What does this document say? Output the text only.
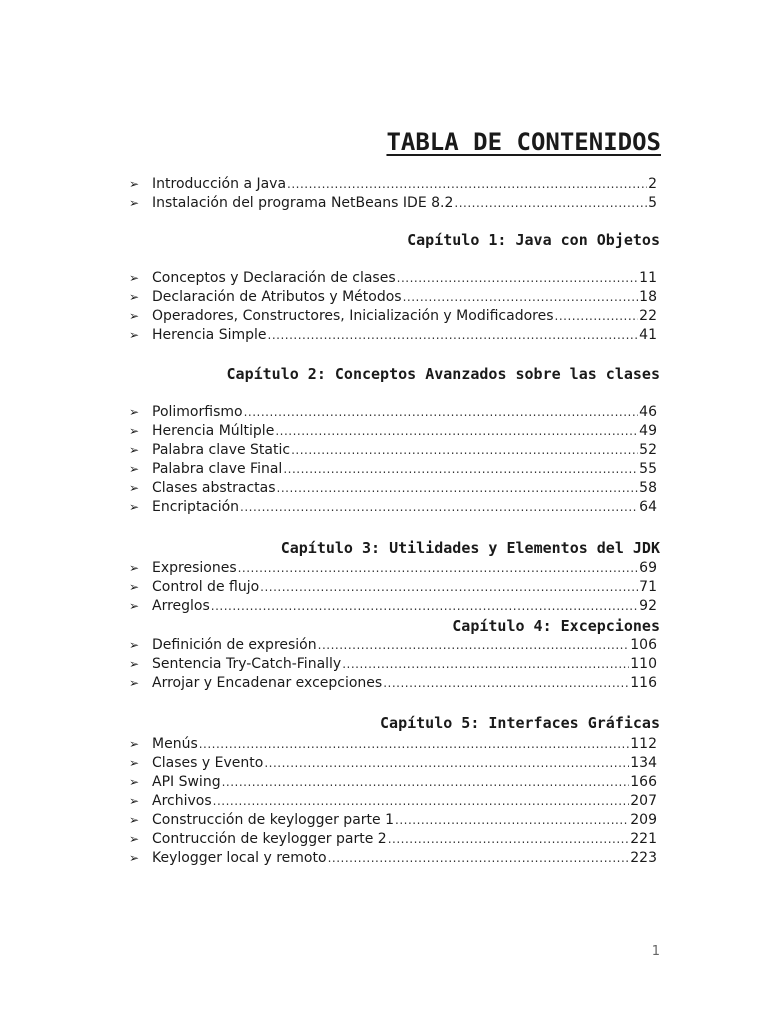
TABLA DE CONTENIDOS
➢ Introducción a Java .....	2
➢ Instalación del programa NetBeans IDE 8.2 .....	5
Capítulo 1: Java con Objetos
➢ Conceptos y Declaración de clases .....	11
➢ Declaración de Atributos y Métodos .....	18
➢ Operadores, Constructores, Inicialización y Modificadores .....	22
➢ Herencia Simple .....	41
Capítulo 2: Conceptos Avanzados sobre las clases
➢ Polimorfismo .....	46
➢ Herencia Múltiple .....	49
➢ Palabra clave Static .....	52
➢ Palabra clave Final .....	55
➢ Clases abstractas .....	58
➢ Encriptación .....	64
Capítulo 3: Utilidades y Elementos del JDK
➢ Expresiones .....	69
➢ Control de flujo .....	71
➢ Arreglos .....	92
Capítulo 4: Excepciones
➢ Definición de expresión .....	106
➢ Sentencia Try-Catch-Finally .....	110
➢ Arrojar y Encadenar excepciones .....	116
Capítulo 5: Interfaces Gráficas
➢ Menús .....	112
➢ Clases y Evento .....	134
➢ API Swing .....	166
➢ Archivos .....	207
➢ Construcción de keylogger parte 1 .....	209
➢ Contrucción de keylogger parte 2 .....	221
➢ Keylogger local y remoto .....	223
1
